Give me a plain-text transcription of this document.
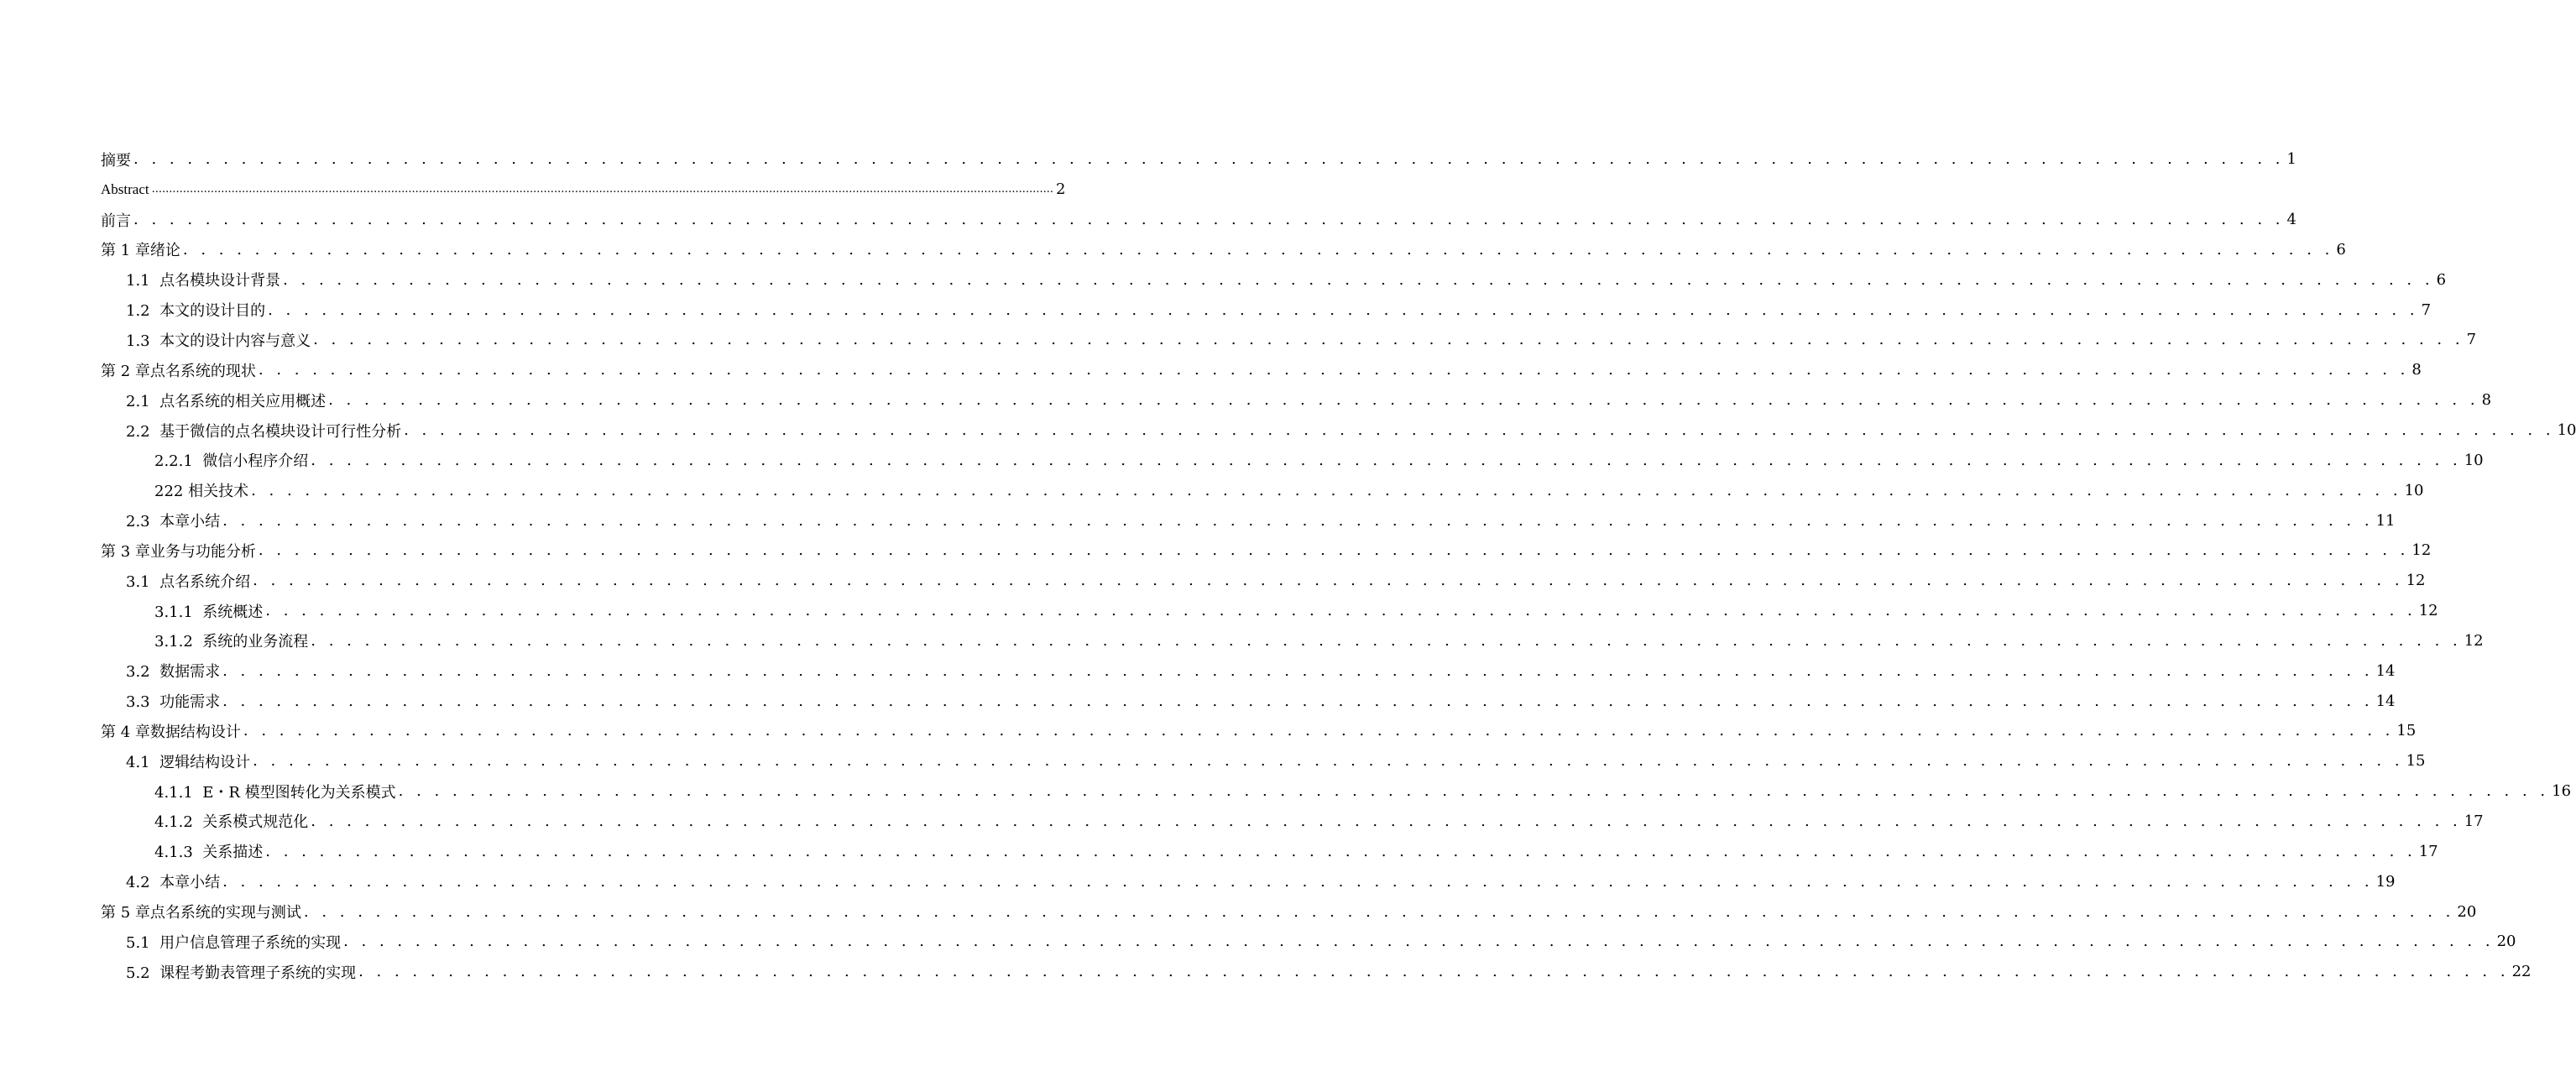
摘要 . . . . . . . . . . . . . . . . . . . . . . . . . . . . . . . . . . . . . . . . . . . . . . . . . . . . . . . . . . . . . . . . . . . . . . . . . . . . . . . . . . . . . . . . . . . . . . . . . . . . . . . . . . . . . . . . . . . . . . . . 1
Abstract .................................................................................................................................................................................................................................................................... 2
前言 . . . . . . . . . . . . . . . . . . . . . . . . . . . . . . . . . . . . . . . . . . . . . . . . . . . . . . . . . . . . . . . . . . . . . . . . . . . . . . . . . . . . . . . . . . . . . . . . . . . . . . . . . . . . . . . . . . . . . . . . 4
第 1 章绪论 . . . . . . . . . . . . . . . . . . . . . . . . . . . . . . . . . . . . . . . . . . . . . . . . . . . . . . . . . . . . . . . . . . . . . . . . . . . . . . . . . . . . . . . . . . . . . . . . . . . . . . . . . . . . . . . . . . . . . . . . 6
1.1  点名模块设计背景 . . . . . . . . . . . . . . . . . . . . . . . . . . . . . . . . . . . . . . . . . . . . . . . . . . . . . . . . . . . . . . . . . . . . . . . . . . . . . . . . . . . . . . . . . . . . . . . . . . . . . . . . . . . . . . . . . . . . . . . . 6
1.2  本文的设计目的 . . . . . . . . . . . . . . . . . . . . . . . . . . . . . . . . . . . . . . . . . . . . . . . . . . . . . . . . . . . . . . . . . . . . . . . . . . . . . . . . . . . . . . . . . . . . . . . . . . . . . . . . . . . . . . . . . . . . . . . . 7
1.3  本文的设计内容与意义 . . . . . . . . . . . . . . . . . . . . . . . . . . . . . . . . . . . . . . . . . . . . . . . . . . . . . . . . . . . . . . . . . . . . . . . . . . . . . . . . . . . . . . . . . . . . . . . . . . . . . . . . . . . . . . . . . . . . . . . . 7
第 2 章点名系统的现状 . . . . . . . . . . . . . . . . . . . . . . . . . . . . . . . . . . . . . . . . . . . . . . . . . . . . . . . . . . . . . . . . . . . . . . . . . . . . . . . . . . . . . . . . . . . . . . . . . . . . . . . . . . . . . . . . . . . . . . . . 8
2.1  点名系统的相关应用概述 . . . . . . . . . . . . . . . . . . . . . . . . . . . . . . . . . . . . . . . . . . . . . . . . . . . . . . . . . . . . . . . . . . . . . . . . . . . . . . . . . . . . . . . . . . . . . . . . . . . . . . . . . . . . . . . . . . . . . . . . 8
2.2  基于微信的点名模块设计可行性分析 . . . . . . . . . . . . . . . . . . . . . . . . . . . . . . . . . . . . . . . . . . . . . . . . . . . . . . . . . . . . . . . . . . . . . . . . . . . . . . . . . . . . . . . . . . . . . . . . . . . . . . . . . . . . . . . . . . . . . . . . 10
2.2.1  微信小程序介绍 . . . . . . . . . . . . . . . . . . . . . . . . . . . . . . . . . . . . . . . . . . . . . . . . . . . . . . . . . . . . . . . . . . . . . . . . . . . . . . . . . . . . . . . . . . . . . . . . . . . . . . . . . . . . . . . . . . . . . . . . 10
222 相关技术 . . . . . . . . . . . . . . . . . . . . . . . . . . . . . . . . . . . . . . . . . . . . . . . . . . . . . . . . . . . . . . . . . . . . . . . . . . . . . . . . . . . . . . . . . . . . . . . . . . . . . . . . . . . . . . . . . . . . . . . . 10
2.3  本章小结 . . . . . . . . . . . . . . . . . . . . . . . . . . . . . . . . . . . . . . . . . . . . . . . . . . . . . . . . . . . . . . . . . . . . . . . . . . . . . . . . . . . . . . . . . . . . . . . . . . . . . . . . . . . . . . . . . . . . . . . . 11
第 3 章业务与功能分析 . . . . . . . . . . . . . . . . . . . . . . . . . . . . . . . . . . . . . . . . . . . . . . . . . . . . . . . . . . . . . . . . . . . . . . . . . . . . . . . . . . . . . . . . . . . . . . . . . . . . . . . . . . . . . . . . . . . . . . . . 12
3.1  点名系统介绍 . . . . . . . . . . . . . . . . . . . . . . . . . . . . . . . . . . . . . . . . . . . . . . . . . . . . . . . . . . . . . . . . . . . . . . . . . . . . . . . . . . . . . . . . . . . . . . . . . . . . . . . . . . . . . . . . . . . . . . . . 12
3.1.1  系统概述 . . . . . . . . . . . . . . . . . . . . . . . . . . . . . . . . . . . . . . . . . . . . . . . . . . . . . . . . . . . . . . . . . . . . . . . . . . . . . . . . . . . . . . . . . . . . . . . . . . . . . . . . . . . . . . . . . . . . . . . . 12
3.1.2  系统的业务流程 . . . . . . . . . . . . . . . . . . . . . . . . . . . . . . . . . . . . . . . . . . . . . . . . . . . . . . . . . . . . . . . . . . . . . . . . . . . . . . . . . . . . . . . . . . . . . . . . . . . . . . . . . . . . . . . . . . . . . . . . 12
3.2  数据需求 . . . . . . . . . . . . . . . . . . . . . . . . . . . . . . . . . . . . . . . . . . . . . . . . . . . . . . . . . . . . . . . . . . . . . . . . . . . . . . . . . . . . . . . . . . . . . . . . . . . . . . . . . . . . . . . . . . . . . . . . 14
3.3  功能需求 . . . . . . . . . . . . . . . . . . . . . . . . . . . . . . . . . . . . . . . . . . . . . . . . . . . . . . . . . . . . . . . . . . . . . . . . . . . . . . . . . . . . . . . . . . . . . . . . . . . . . . . . . . . . . . . . . . . . . . . . 14
第 4 章数据结构设计 . . . . . . . . . . . . . . . . . . . . . . . . . . . . . . . . . . . . . . . . . . . . . . . . . . . . . . . . . . . . . . . . . . . . . . . . . . . . . . . . . . . . . . . . . . . . . . . . . . . . . . . . . . . . . . . . . . . . . . . . 15
4.1  逻辑结构设计 . . . . . . . . . . . . . . . . . . . . . . . . . . . . . . . . . . . . . . . . . . . . . . . . . . . . . . . . . . . . . . . . . . . . . . . . . . . . . . . . . . . . . . . . . . . . . . . . . . . . . . . . . . . . . . . . . . . . . . . . 15
4.1.1  E・R 模型图转化为关系模式 . . . . . . . . . . . . . . . . . . . . . . . . . . . . . . . . . . . . . . . . . . . . . . . . . . . . . . . . . . . . . . . . . . . . . . . . . . . . . . . . . . . . . . . . . . . . . . . . . . . . . . . . . . . . . . . . . . . . . . . . 16
4.1.2  关系模式规范化 . . . . . . . . . . . . . . . . . . . . . . . . . . . . . . . . . . . . . . . . . . . . . . . . . . . . . . . . . . . . . . . . . . . . . . . . . . . . . . . . . . . . . . . . . . . . . . . . . . . . . . . . . . . . . . . . . . . . . . . . 17
4.1.3  关系描述 . . . . . . . . . . . . . . . . . . . . . . . . . . . . . . . . . . . . . . . . . . . . . . . . . . . . . . . . . . . . . . . . . . . . . . . . . . . . . . . . . . . . . . . . . . . . . . . . . . . . . . . . . . . . . . . . . . . . . . . . 17
4.2  本章小结 . . . . . . . . . . . . . . . . . . . . . . . . . . . . . . . . . . . . . . . . . . . . . . . . . . . . . . . . . . . . . . . . . . . . . . . . . . . . . . . . . . . . . . . . . . . . . . . . . . . . . . . . . . . . . . . . . . . . . . . . 19
第 5 章点名系统的实现与测试 . . . . . . . . . . . . . . . . . . . . . . . . . . . . . . . . . . . . . . . . . . . . . . . . . . . . . . . . . . . . . . . . . . . . . . . . . . . . . . . . . . . . . . . . . . . . . . . . . . . . . . . . . . . . . . . . . . . . . . . . 20
5.1  用户信息管理子系统的实现 . . . . . . . . . . . . . . . . . . . . . . . . . . . . . . . . . . . . . . . . . . . . . . . . . . . . . . . . . . . . . . . . . . . . . . . . . . . . . . . . . . . . . . . . . . . . . . . . . . . . . . . . . . . . . . . . . . . . . . . . 20
5.2  课程考勤表管理子系统的实现 . . . . . . . . . . . . . . . . . . . . . . . . . . . . . . . . . . . . . . . . . . . . . . . . . . . . . . . . . . . . . . . . . . . . . . . . . . . . . . . . . . . . . . . . . . . . . . . . . . . . . . . . . . . . . . . . . . . . . . . . 22
